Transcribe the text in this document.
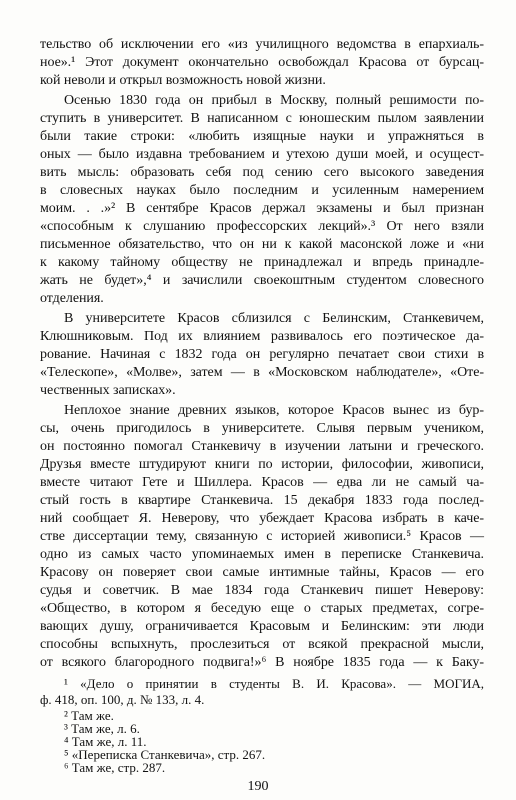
тельство об исключении его «из училищного ведомства в епархиаль-
ное».¹ Этот документ окончательно освобождал Красова от бурсац-
кой неволи и открыл возможность новой жизни.
Осенью 1830 года он прибыл в Москву, полный решимости по-
ступить в университет. В написанном с юношеским пылом заявлении
были такие строки: «любить изящные науки и упражняться в
оных — было издавна требованием и утехою души моей, и осущест-
вить мысль: образовать себя под сению сего высокого заведения
в словесных науках было последним и усиленным намерением
моим. . .»² В сентябре Красов держал экзамены и был признан
«способным к слушанию профессорских лекций».³ От него взяли
письменное обязательство, что он ни к какой масонской ложе и «ни
к какому тайному обществу не принадлежал и впредь принадле-
жать не будет»,⁴ и зачислили своекоштным студентом словесного
отделения.
В университете Красов сблизился с Белинским, Станкевичем,
Клюшниковым. Под их влиянием развивалось его поэтическое да-
рование. Начиная с 1832 года он регулярно печатает свои стихи в
«Телескопе», «Молве», затем — в «Московском наблюдателе», «Оте-
чественных записках».
Неплохое знание древних языков, которое Красов вынес из бур-
сы, очень пригодилось в университете. Слывя первым учеником,
он постоянно помогал Станкевичу в изучении латыни и греческого.
Друзья вместе штудируют книги по истории, философии, живописи,
вместе читают Гете и Шиллера. Красов — едва ли не самый ча-
стый гость в квартире Станкевича. 15 декабря 1833 года послед-
ний сообщает Я. Неверову, что убеждает Красова избрать в каче-
стве диссертации тему, связанную с историей живописи.⁵ Красов —
одно из самых часто упоминаемых имен в переписке Станкевича.
Красову он поверяет свои самые интимные тайны, Красов — его
судья и советчик. В мае 1834 года Станкевич пишет Неверову:
«Общество, в котором я беседую еще о старых предметах, согре-
вающих душу, ограничивается Красовым и Белинским: эти люди
способны вспыхнуть, прослезиться от всякой прекрасной мысли,
от всякого благородного подвига!»⁶ В ноябре 1835 года — к Баку-
¹ «Дело о принятии в студенты В. И. Красова». — МОГИА,
ф. 418, оп. 100, д. № 133, л. 4.
² Там же.
³ Там же, л. 6.
⁴ Там же, л. 11.
⁵ «Переписка Станкевича», стр. 267.
⁶ Там же, стр. 287.
190
